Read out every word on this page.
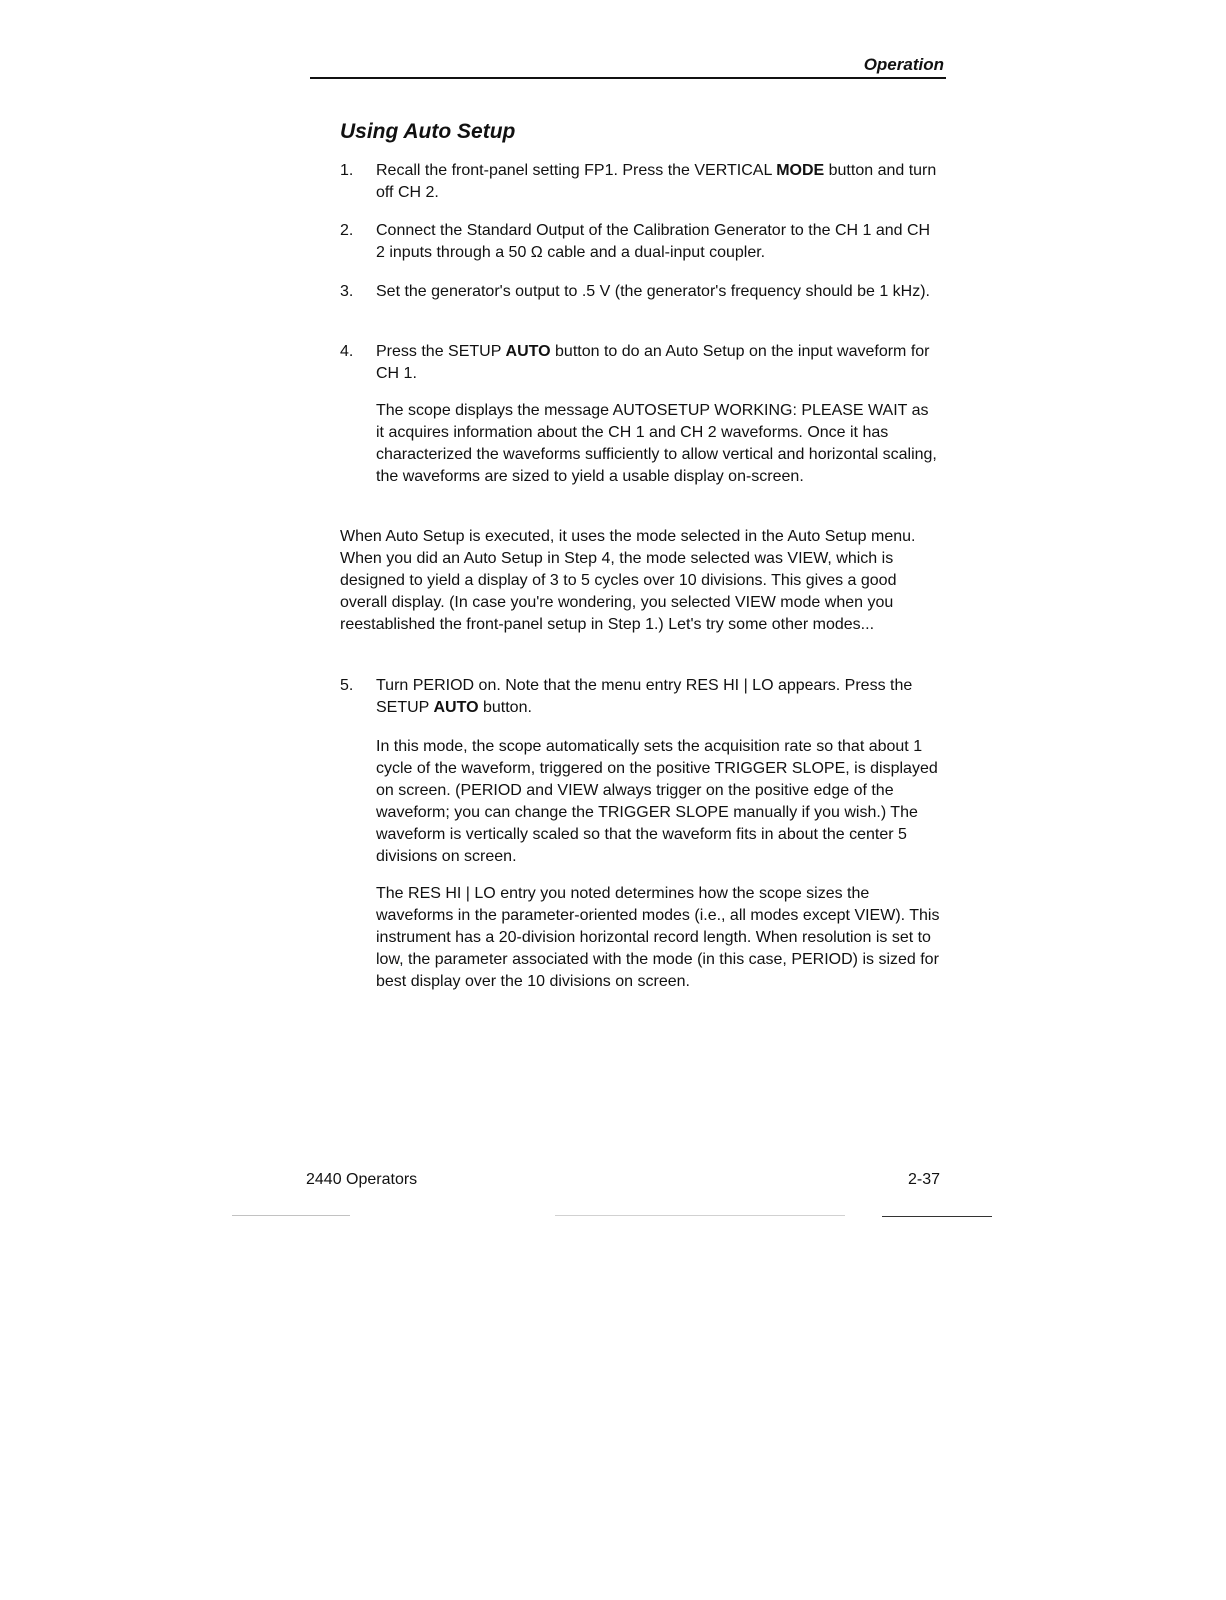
Operation
Using Auto Setup
1.	Recall the front-panel setting FP1. Press the VERTICAL MODE button and turn off CH 2.
2.	Connect the Standard Output of the Calibration Generator to the CH 1 and CH 2 inputs through a 50 Ω cable and a dual-input coupler.
3.	Set the generator's output to .5 V (the generator's frequency should be 1 kHz).
4.	Press the SETUP AUTO button to do an Auto Setup on the input waveform for CH 1.
The scope displays the message AUTOSETUP WORKING: PLEASE WAIT as it acquires information about the CH 1 and CH 2 waveforms. Once it has characterized the waveforms sufficiently to allow vertical and horizontal scaling, the waveforms are sized to yield a usable display on-screen.
When Auto Setup is executed, it uses the mode selected in the Auto Setup menu. When you did an Auto Setup in Step 4, the mode selected was VIEW, which is designed to yield a display of 3 to 5 cycles over 10 divisions. This gives a good overall display. (In case you're wondering, you selected VIEW mode when you reestablished the front-panel setup in Step 1.) Let's try some other modes...
5.	Turn PERIOD on. Note that the menu entry RES HI | LO appears. Press the SETUP AUTO button.
In this mode, the scope automatically sets the acquisition rate so that about 1 cycle of the waveform, triggered on the positive TRIGGER SLOPE, is displayed on screen. (PERIOD and VIEW always trigger on the positive edge of the waveform; you can change the TRIGGER SLOPE manually if you wish.) The waveform is vertically scaled so that the waveform fits in about the center 5 divisions on screen.
The RES HI | LO entry you noted determines how the scope sizes the waveforms in the parameter-oriented modes (i.e., all modes except VIEW). This instrument has a 20-division horizontal record length. When resolution is set to low, the parameter associated with the mode (in this case, PERIOD) is sized for best display over the 10 divisions on screen.
2440 Operators	2-37
